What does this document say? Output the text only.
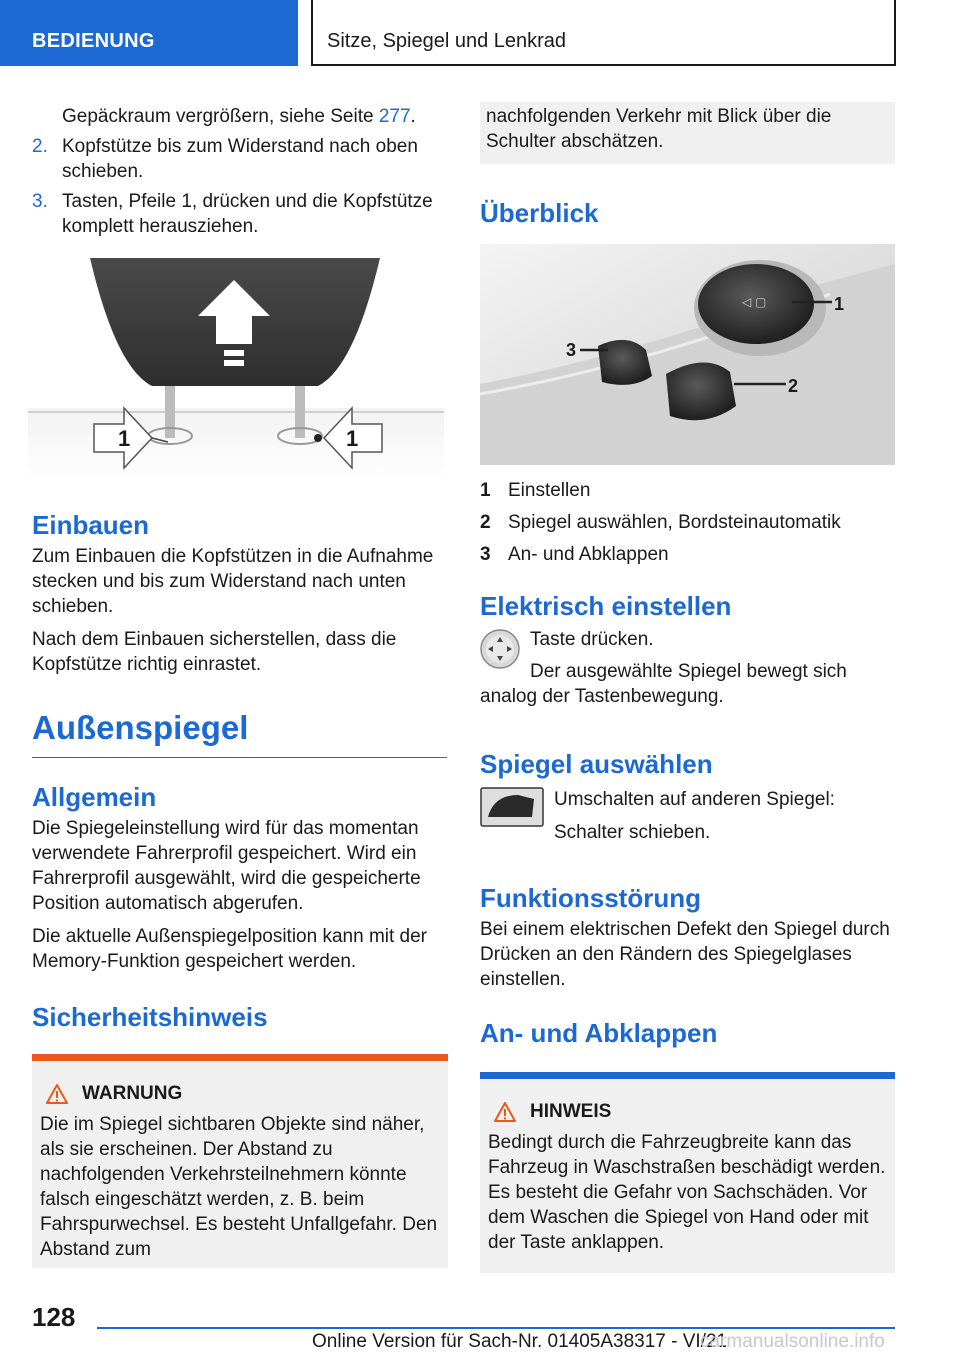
BEDIENUNG	Sitze, Spiegel und Lenkrad
Gepäckraum vergrößern, siehe Seite 277.
2. Kopfstütze bis zum Widerstand nach oben schieben.
3. Tasten, Pfeile 1, drücken und die Kopfstütze komplett herausziehen.
1	1
Einbauen
Zum Einbauen die Kopfstützen in die Aufnahme stecken und bis zum Widerstand nach unten schieben.
Nach dem Einbauen sicherstellen, dass die Kopfstütze richtig einrastet.
Außenspiegel
Allgemein
Die Spiegeleinstellung wird für das momentan verwendete Fahrerprofil gespeichert. Wird ein Fahrerprofil ausgewählt, wird die gespeicherte Position automatisch abgerufen.
Die aktuelle Außenspiegelposition kann mit der Memory-Funktion gespeichert werden.
Sicherheitshinweis
WARNUNG
Die im Spiegel sichtbaren Objekte sind näher, als sie erscheinen. Der Abstand zu nachfolgenden Verkehrsteilnehmern könnte falsch eingeschätzt werden, z. B. beim Fahrspurwechsel. Es besteht Unfallgefahr. Den Abstand zum
nachfolgenden Verkehr mit Blick über die Schulter abschätzen.
Überblick
◁ ▢	1
2
3
1 Einstellen
2 Spiegel auswählen, Bordsteinautomatik
3 An- und Abklappen
Elektrisch einstellen
Taste drücken.
Der ausgewählte Spiegel bewegt sich analog der Tastenbewegung.
Spiegel auswählen
Umschalten auf anderen Spiegel:
Schalter schieben.
Funktionsstörung
Bei einem elektrischen Defekt den Spiegel durch Drücken an den Rändern des Spiegelglases einstellen.
An- und Abklappen
HINWEIS
Bedingt durch die Fahrzeugbreite kann das Fahrzeug in Waschstraßen beschädigt werden. Es besteht die Gefahr von Sachschäden. Vor dem Waschen die Spiegel von Hand oder mit der Taste anklappen.
128
Online Version für Sach-Nr. 01405A38317 - VI/21
carmanualsonline.info
